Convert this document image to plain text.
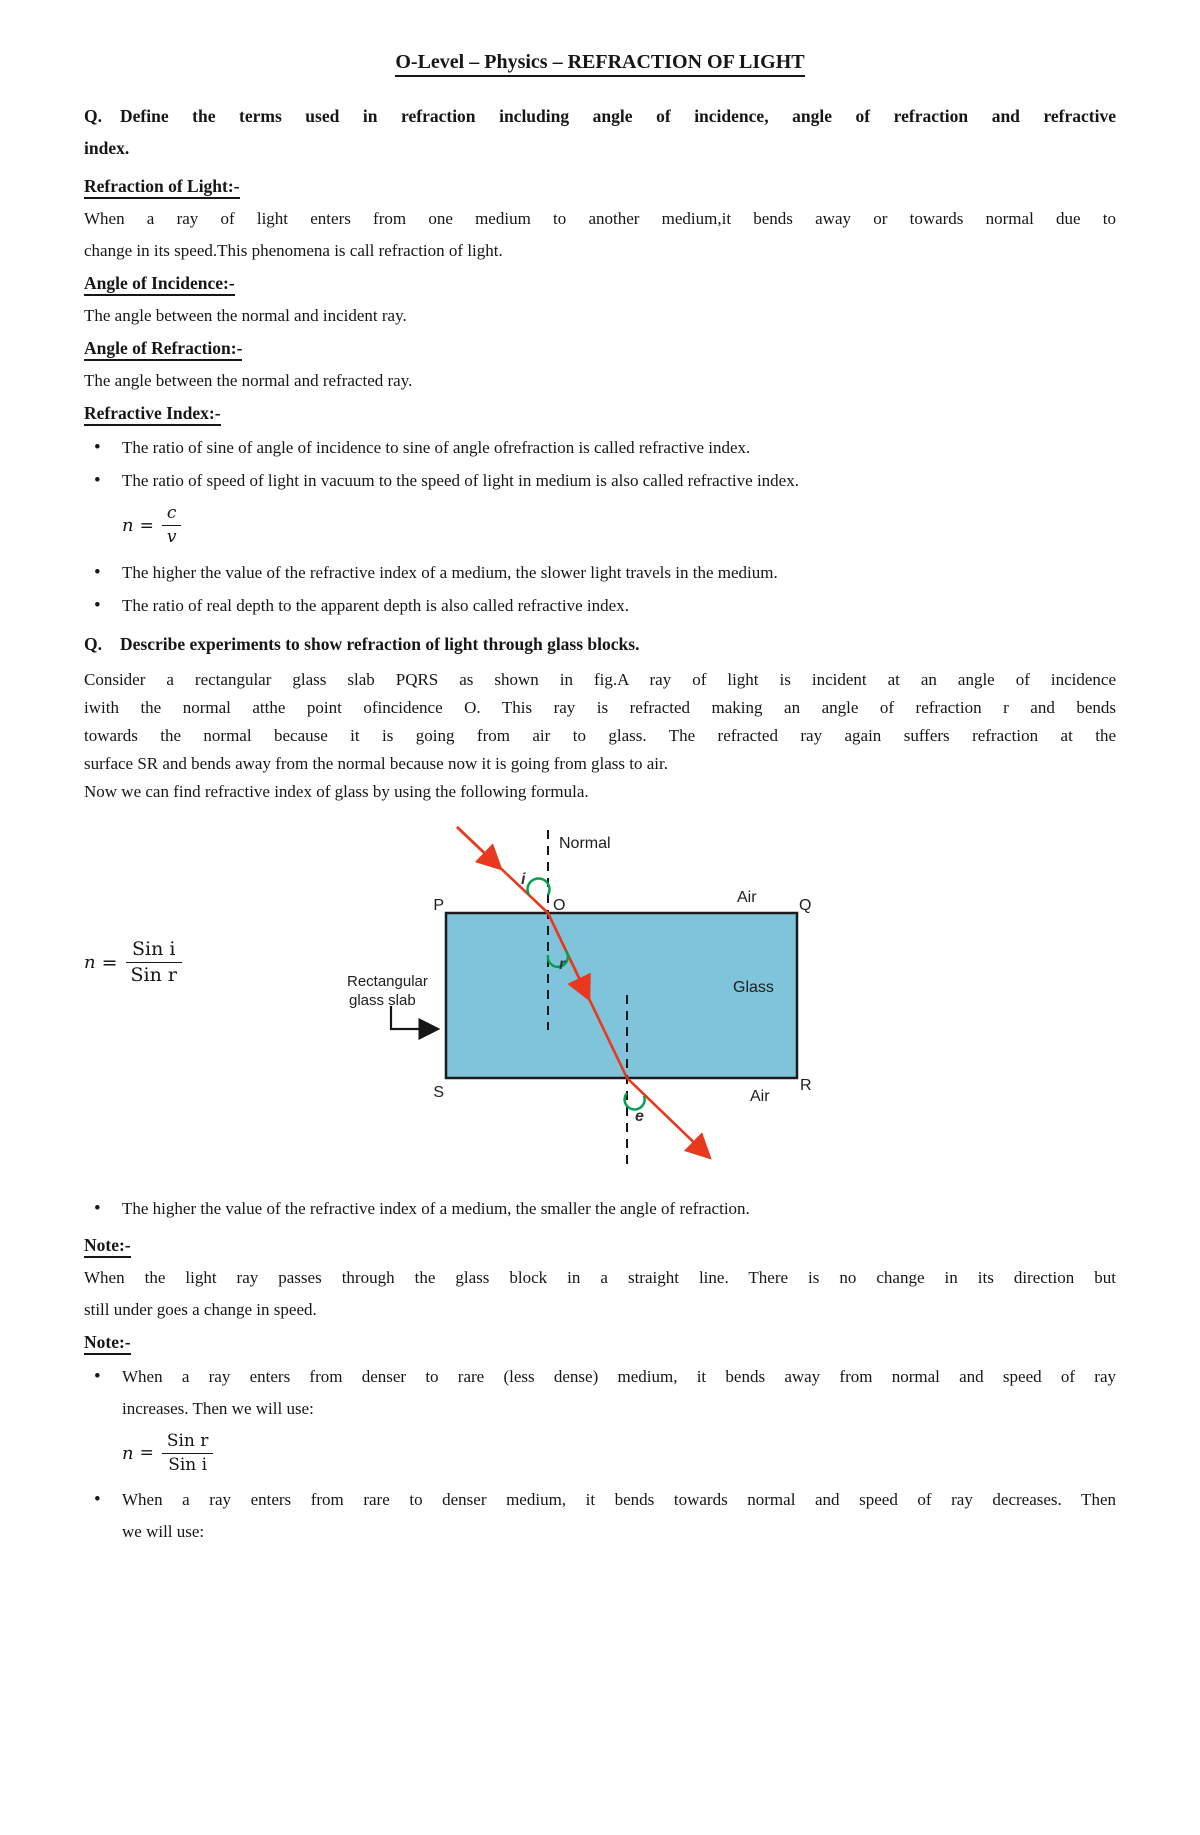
O-Level – Physics – REFRACTION OF LIGHT

Q. Define the terms used in refraction including angle of incidence, angle of refraction and refractive
index.

Refraction of Light:-

When a ray of light enters from one medium to another medium,it bends away or towards normal due to
change in its speed.This phenomena is call refraction of light.

Angle of Incidence:-

The angle between the normal and incident ray.

Angle of Refraction:-

The angle between the normal and refracted ray.

Refractive Index:-
• The ratio of sine of angle of incidence to sine of angle ofrefraction is called refractive index.
• The ratio of speed of light in vacuum to the speed of light in medium is also called refractive index.
$n = \frac{c}{v}$
• The higher the value of the refractive index of a medium, the slower light travels in the medium.
• The ratio of real depth to the apparent depth is also called refractive index.

Q. Describe experiments to show refraction of light through glass blocks.

Consider a rectangular glass slab PQRS as shown in fig.A ray of light is incident at an angle of incidence
iwith the normal atthe point ofincidence O. This ray is refracted making an angle of refraction r and bends
towards the normal because it is going from air to glass. The refracted ray again suffers refraction at the
surface SR and bends away from the normal because now it is going from glass to air.
Now we can find refractive index of glass by using the following formula.

$n = \frac{\text{Sin i}}{\text{Sin r}}$
Normal
i
r
e
P	O	Air	Q
Glass
Rectangular
glass slab
S	R
Air
• The higher the value of the refractive index of a medium, the smaller the angle of refraction.
Note:-

When the light ray passes through the glass block in a straight line. There is no change in its direction but
still under goes a change in speed.

Note:-
• When a ray enters from denser to rare (less dense) medium, it bends away from normal and speed of ray
increases. Then we will use:
$n = \frac{\text{Sin r}}{\text{Sin i}}$
• When a ray enters from rare to denser medium, it bends towards normal and speed of ray decreases. Then
we will use:
